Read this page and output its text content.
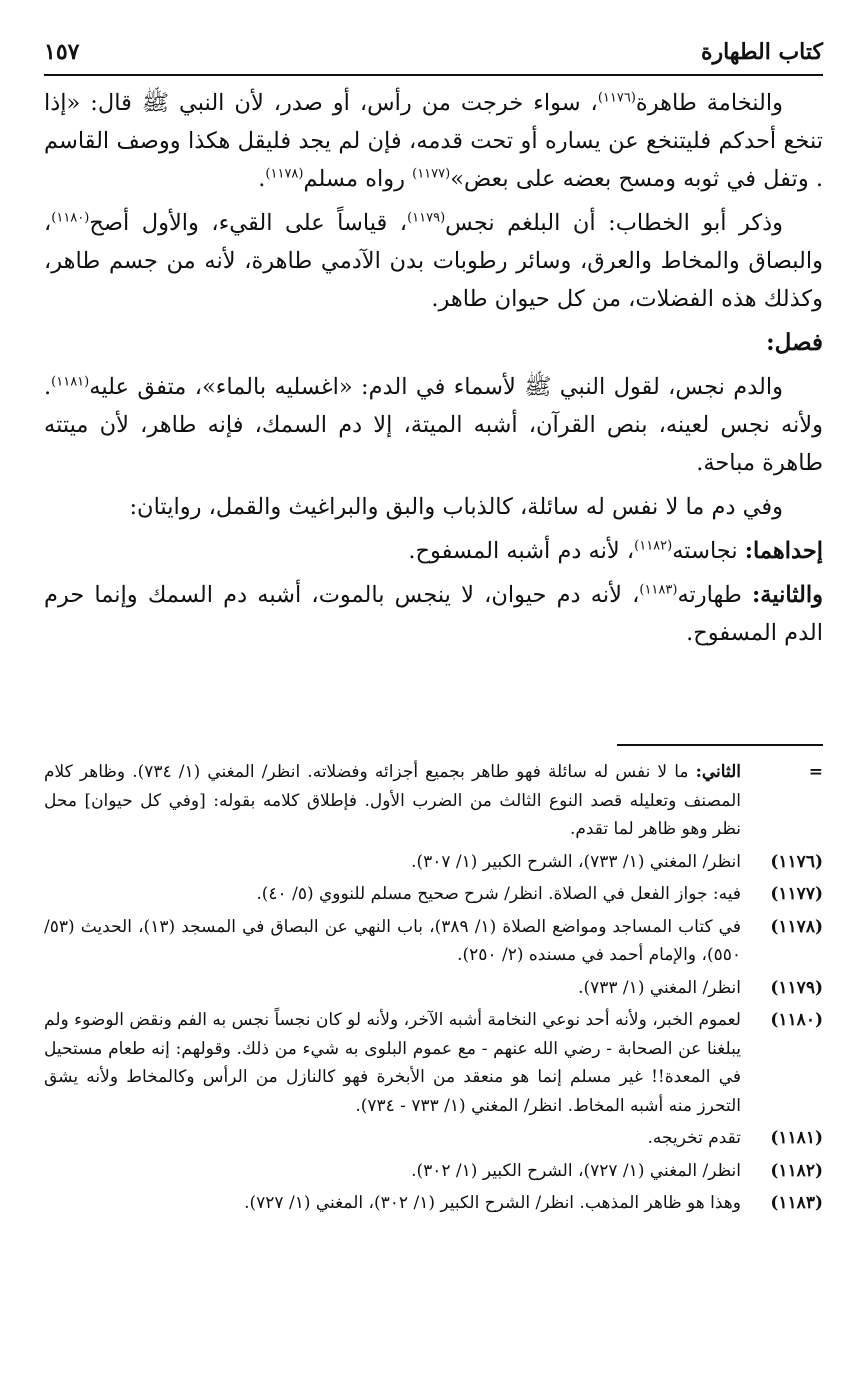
كتاب الطهارة
١٥٧

والنخامة طاهرة$^{(١١٧٦)}$، سواء خرجت من رأس، أو صدر، لأن النبي ﷺ قال: «إذا تنخع أحدكم فليتنخع عن يساره أو تحت قدمه، فإن لم يجد فليقل هكذا ووصف القاسم . وتفل في ثوبه ومسح بعضه على بعض»$^{(١١٧٧)}$ رواه مسلم$^{(١١٧٨)}$.

وذكر أبو الخطاب: أن البلغم نجس$^{(١١٧٩)}$، قياساً على القيء، والأول أصح$^{(١١٨٠)}$، والبصاق والمخاط والعرق، وسائر رطوبات بدن الآدمي طاهرة، لأنه من جسم طاهر، وكذلك هذه الفضلات، من كل حيوان طاهر.

فصل:

والدم نجس، لقول النبي ﷺ لأسماء في الدم: «اغسليه بالماء»، متفق عليه$^{(١١٨١)}$. ولأنه نجس لعينه، بنص القرآن، أشبه الميتة، إلا دم السمك، فإنه طاهر، لأن ميتته طاهرة مباحة.

وفي دم ما لا نفس له سائلة، كالذباب والبق والبراغيث والقمل، روايتان:

إحداهما: نجاسته$^{(١١٨٢)}$، لأنه دم أشبه المسفوح.

والثانية: طهارته$^{(١١٨٣)}$، لأنه دم حيوان، لا ينجس بالموت، أشبه دم السمك وإنما حرم الدم المسفوح.

=
الثاني: ما لا نفس له سائلة فهو طاهر بجميع أجزائه وفضلاته. انظر/ المغني (١/ ٧٣٤). وظاهر كلام المصنف وتعليله قصد النوع الثالث من الضرب الأول. فإطلاق كلامه بقوله: [وفي كل حيوان] محل نظر وهو ظاهر لما تقدم.
(١١٧٦)
انظر/ المغني (١/ ٧٣٣)، الشرح الكبير (١/ ٣٠٧).
(١١٧٧)
فيه: جواز الفعل في الصلاة. انظر/ شرح صحيح مسلم للنووي (٥/ ٤٠).
(١١٧٨)
في كتاب المساجد ومواضع الصلاة (١/ ٣٨٩)، باب النهي عن البصاق في المسجد (١٣)، الحديث (٥٣/ ٥٥٠)، والإمام أحمد في مسنده (٢/ ٢٥٠).
(١١٧٩)
انظر/ المغني (١/ ٧٣٣).
(١١٨٠)
لعموم الخبر، ولأنه أحد نوعي النخامة أشبه الآخر، ولأنه لو كان نجساً نجس به الفم ونقض الوضوء ولم يبلغنا عن الصحابة - رضي الله عنهم - مع عموم البلوى به شيء من ذلك. وقولهم: إنه طعام مستحيل في المعدة!! غير مسلم إنما هو منعقد من الأبخرة فهو كالنازل من الرأس وكالمخاط ولأنه يشق التحرز منه أشبه المخاط. انظر/ المغني (١/ ٧٣٣ - ٧٣٤).
(١١٨١)
تقدم تخريجه.
(١١٨٢)
انظر/ المغني (١/ ٧٢٧)، الشرح الكبير (١/ ٣٠٢).
(١١٨٣)
وهذا هو ظاهر المذهب. انظر/ الشرح الكبير (١/ ٣٠٢)، المغني (١/ ٧٢٧).
